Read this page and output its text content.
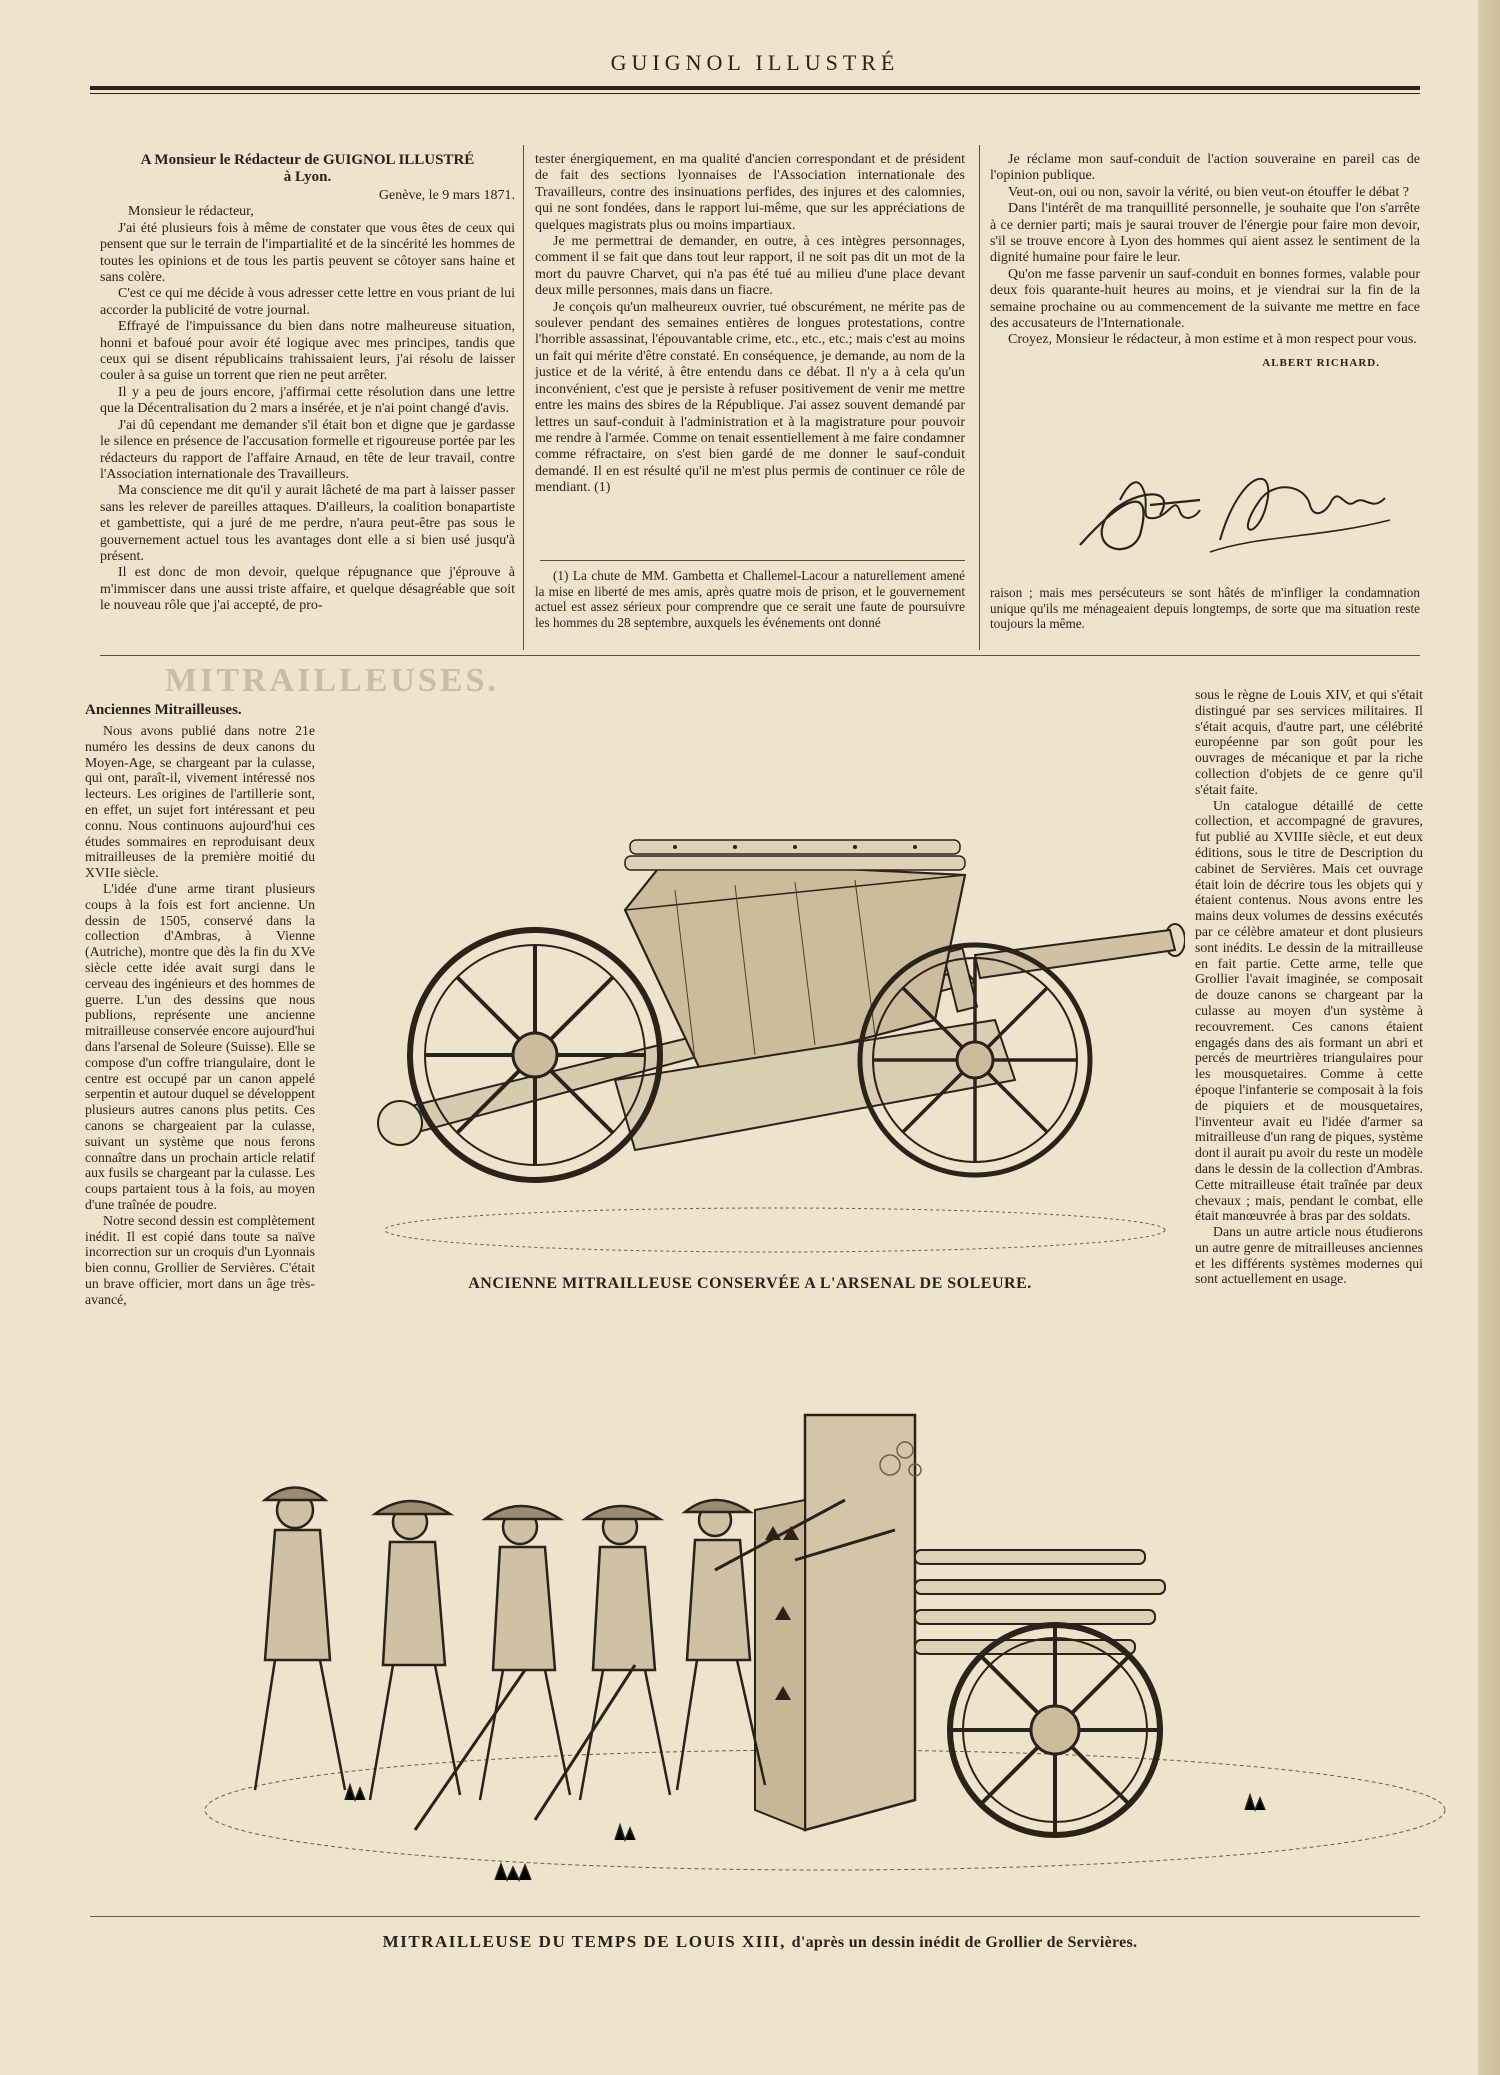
MITRAILLEUSES.
GUIGNOL ILLUSTRÉ

A Monsieur le Rédacteur de GUIGNOL ILLUSTRÉ

à Lyon.

Genève, le 9 mars 1871.

Monsieur le rédacteur,

J'ai été plusieurs fois à même de constater que vous êtes de ceux qui pensent que sur le terrain de l'impartialité et de la sincérité les hommes de toutes les opinions et de tous les partis peuvent se côtoyer sans haine et sans colère.

C'est ce qui me décide à vous adresser cette lettre en vous priant de lui accorder la publicité de votre journal.

Effrayé de l'impuissance du bien dans notre malheureuse situation, honni et bafoué pour avoir été logique avec mes principes, tandis que ceux qui se disent républicains trahissaient leurs, j'ai résolu de laisser couler à sa guise un torrent que rien ne peut arrêter.

Il y a peu de jours encore, j'affirmai cette résolution dans une lettre que la Décentralisation du 2 mars a insérée, et je n'ai point changé d'avis.

J'ai dû cependant me demander s'il était bon et digne que je gardasse le silence en présence de l'accusation formelle et rigoureuse portée par les rédacteurs du rapport de l'affaire Arnaud, en tête de leur travail, contre l'Association internationale des Travailleurs.

Ma conscience me dit qu'il y aurait lâcheté de ma part à laisser passer sans les relever de pareilles attaques. D'ailleurs, la coalition bonapartiste et gambettiste, qui a juré de me perdre, n'aura peut-être pas sous le gouvernement actuel tous les avantages dont elle a si bien usé jusqu'à présent.

Il est donc de mon devoir, quelque répugnance que j'éprouve à m'immiscer dans une aussi triste affaire, et quelque désagréable que soit le nouveau rôle que j'ai accepté, de pro-

tester énergiquement, en ma qualité d'ancien correspondant et de président de fait des sections lyonnaises de l'Association internationale des Travailleurs, contre des insinuations perfides, des injures et des calomnies, qui ne sont fondées, dans le rapport lui-même, que sur les appréciations de quelques magistrats plus ou moins impartiaux.

Je me permettrai de demander, en outre, à ces intègres personnages, comment il se fait que dans tout leur rapport, il ne soit pas dit un mot de la mort du pauvre Charvet, qui n'a pas été tué au milieu d'une place devant deux mille personnes, mais dans un fiacre.

Je conçois qu'un malheureux ouvrier, tué obscurément, ne mérite pas de soulever pendant des semaines entières de longues protestations, contre l'horrible assassinat, l'épouvantable crime, etc., etc., etc.; mais c'est au moins un fait qui mérite d'être constaté. En conséquence, je demande, au nom de la justice et de la vérité, à être entendu dans ce débat. Il n'y a à cela qu'un inconvénient, c'est que je persiste à refuser positivement de venir me mettre entre les mains des sbires de la République. J'ai assez souvent demandé par lettres un sauf-conduit à l'administration et à la magistrature pour pouvoir me rendre à l'armée. Comme on tenait essentiellement à me faire condamner comme réfractaire, on s'est bien gardé de me donner le sauf-conduit demandé. Il en est résulté qu'il ne m'est plus permis de continuer ce rôle de mendiant. (1)

(1) La chute de MM. Gambetta et Challemel-Lacour a naturellement amené la mise en liberté de mes amis, après quatre mois de prison, et le gouvernement actuel est assez sérieux pour comprendre que ce serait une faute de poursuivre les hommes du 28 septembre, auxquels les événements ont donné

Je réclame mon sauf-conduit de l'action souveraine en pareil cas de l'opinion publique.

Veut-on, oui ou non, savoir la vérité, ou bien veut-on étouffer le débat ?

Dans l'intérêt de ma tranquillité personnelle, je souhaite que l'on s'arrête à ce dernier parti; mais je saurai trouver de l'énergie pour faire mon devoir, s'il se trouve encore à Lyon des hommes qui aient assez le sentiment de la dignité humaine pour faire le leur.

Qu'on me fasse parvenir un sauf-conduit en bonnes formes, valable pour deux fois quarante-huit heures au moins, et je viendrai sur la fin de la semaine prochaine ou au commencement de la suivante me mettre en face des accusateurs de l'Internationale.

Croyez, Monsieur le rédacteur, à mon estime et à mon respect pour vous.

ALBERT RICHARD.

raison ; mais mes persécuteurs se sont hâtés de m'infliger la condamnation unique qu'ils me ménageaient depuis longtemps, de sorte que ma situation reste toujours la même.

Anciennes Mitrailleuses.

Nous avons publié dans notre 21e numéro les dessins de deux canons du Moyen-Age, se chargeant par la culasse, qui ont, paraît-il, vivement intéressé nos lecteurs. Les origines de l'artillerie sont, en effet, un sujet fort intéressant et peu connu. Nous continuons aujourd'hui ces études sommaires en reproduisant deux mitrailleuses de la première moitié du XVIIe siècle.

L'idée d'une arme tirant plusieurs coups à la fois est fort ancienne. Un dessin de 1505, conservé dans la collection d'Ambras, à Vienne (Autriche), montre que dès la fin du XVe siècle cette idée avait surgi dans le cerveau des ingénieurs et des hommes de guerre. L'un des dessins que nous publions, représente une ancienne mitrailleuse conservée encore aujourd'hui dans l'arsenal de Soleure (Suisse). Elle se compose d'un coffre triangulaire, dont le centre est occupé par un canon appelé serpentin et autour duquel se développent plusieurs autres canons plus petits. Ces canons se chargeaient par la culasse, suivant un système que nous ferons connaître dans un prochain article relatif aux fusils se chargeant par la culasse. Les coups partaient tous à la fois, au moyen d'une traînée de poudre.

Notre second dessin est complètement inédit. Il est copié dans toute sa naïve incorrection sur un croquis d'un Lyonnais bien connu, Grollier de Servières. C'était un brave officier, mort dans un âge très-avancé,

sous le règne de Louis XIV, et qui s'était distingué par ses services militaires. Il s'était acquis, d'autre part, une célébrité européenne par son goût pour les ouvrages de mécanique et par la riche collection d'objets de ce genre qu'il s'était faite.

Un catalogue détaillé de cette collection, et accompagné de gravures, fut publié au XVIIIe siècle, et eut deux éditions, sous le titre de Description du cabinet de Servières. Mais cet ouvrage était loin de décrire tous les objets qui y étaient contenus. Nous avons entre les mains deux volumes de dessins exécutés par ce célèbre amateur et dont plusieurs sont inédits. Le dessin de la mitrailleuse en fait partie. Cette arme, telle que Grollier l'avait imaginée, se composait de douze canons se chargeant par la culasse au moyen d'un système à recouvrement. Ces canons étaient engagés dans des ais formant un abri et percés de meurtrières triangulaires pour les mousquetaires. Comme à cette époque l'infanterie se composait à la fois de piquiers et de mousquetaires, l'inventeur avait eu l'idée d'armer sa mitrailleuse d'un rang de piques, système dont il aurait pu avoir du reste un modèle dans le dessin de la collection d'Ambras. Cette mitrailleuse était traînée par deux chevaux ; mais, pendant le combat, elle était manœuvrée à bras par des soldats.

Dans un autre article nous étudierons un autre genre de mitrailleuses anciennes et les différents systèmes modernes qui sont actuellement en usage.

ANCIENNE MITRAILLEUSE CONSERVÉE A L'ARSENAL DE SOLEURE.
MITRAILLEUSE DU TEMPS DE LOUIS XIII, d'après un dessin inédit de Grollier de Servières.
